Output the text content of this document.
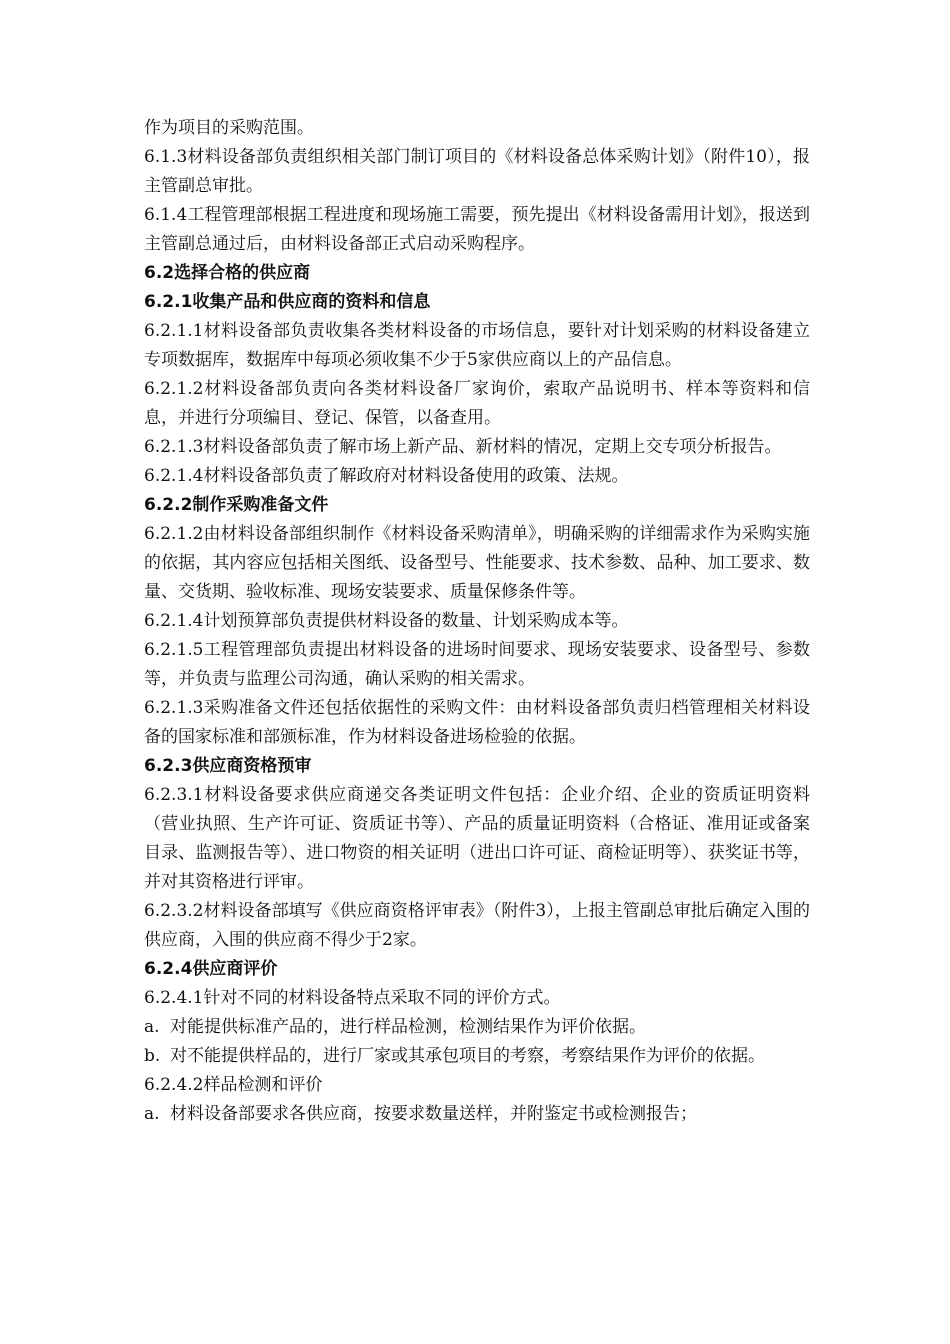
作为项目的采购范围。

6.1.3材料设备部负责组织相关部门制订项目的《材料设备总体采购计划》（附件10），报主管副总审批。

6.1.4工程管理部根据工程进度和现场施工需要，预先提出《材料设备需用计划》，报送到主管副总通过后，由材料设备部正式启动采购程序。

6.2选择合格的供应商

6.2.1收集产品和供应商的资料和信息

6.2.1.1材料设备部负责收集各类材料设备的市场信息，要针对计划采购的材料设备建立专项数据库，数据库中每项必须收集不少于5家供应商以上的产品信息。

6.2.1.2材料设备部负责向各类材料设备厂家询价，索取产品说明书、样本等资料和信息，并进行分项编目、登记、保管，以备查用。

6.2.1.3材料设备部负责了解市场上新产品、新材料的情况，定期上交专项分析报告。

6.2.1.4材料设备部负责了解政府对材料设备使用的政策、法规。

6.2.2制作采购准备文件

6.2.1.2由材料设备部组织制作《材料设备采购清单》，明确采购的详细需求作为采购实施的依据，其内容应包括相关图纸、设备型号、性能要求、技术参数、品种、加工要求、数量、交货期、验收标准、现场安装要求、质量保修条件等。

6.2.1.4计划预算部负责提供材料设备的数量、计划采购成本等。

6.2.1.5工程管理部负责提出材料设备的进场时间要求、现场安装要求、设备型号、参数等，并负责与监理公司沟通，确认采购的相关需求。

6.2.1.3采购准备文件还包括依据性的采购文件：由材料设备部负责归档管理相关材料设备的国家标准和部颁标准，作为材料设备进场检验的依据。

6.2.3供应商资格预审

6.2.3.1材料设备要求供应商递交各类证明文件包括：企业介绍、企业的资质证明资料（营业执照、生产许可证、资质证书等）、产品的质量证明资料（合格证、准用证或备案目录、监测报告等）、进口物资的相关证明（进出口许可证、商检证明等）、获奖证书等，并对其资格进行评审。

6.2.3.2材料设备部填写《供应商资格评审表》（附件3），上报主管副总审批后确定入围的供应商，入围的供应商不得少于2家。

6.2.4供应商评价

6.2.4.1针对不同的材料设备特点采取不同的评价方式。

a. 对能提供标准产品的，进行样品检测，检测结果作为评价依据。
b. 对不能提供样品的，进行厂家或其承包项目的考察，考察结果作为评价的依据。

6.2.4.2样品检测和评价

a. 材料设备部要求各供应商，按要求数量送样，并附鉴定书或检测报告；
